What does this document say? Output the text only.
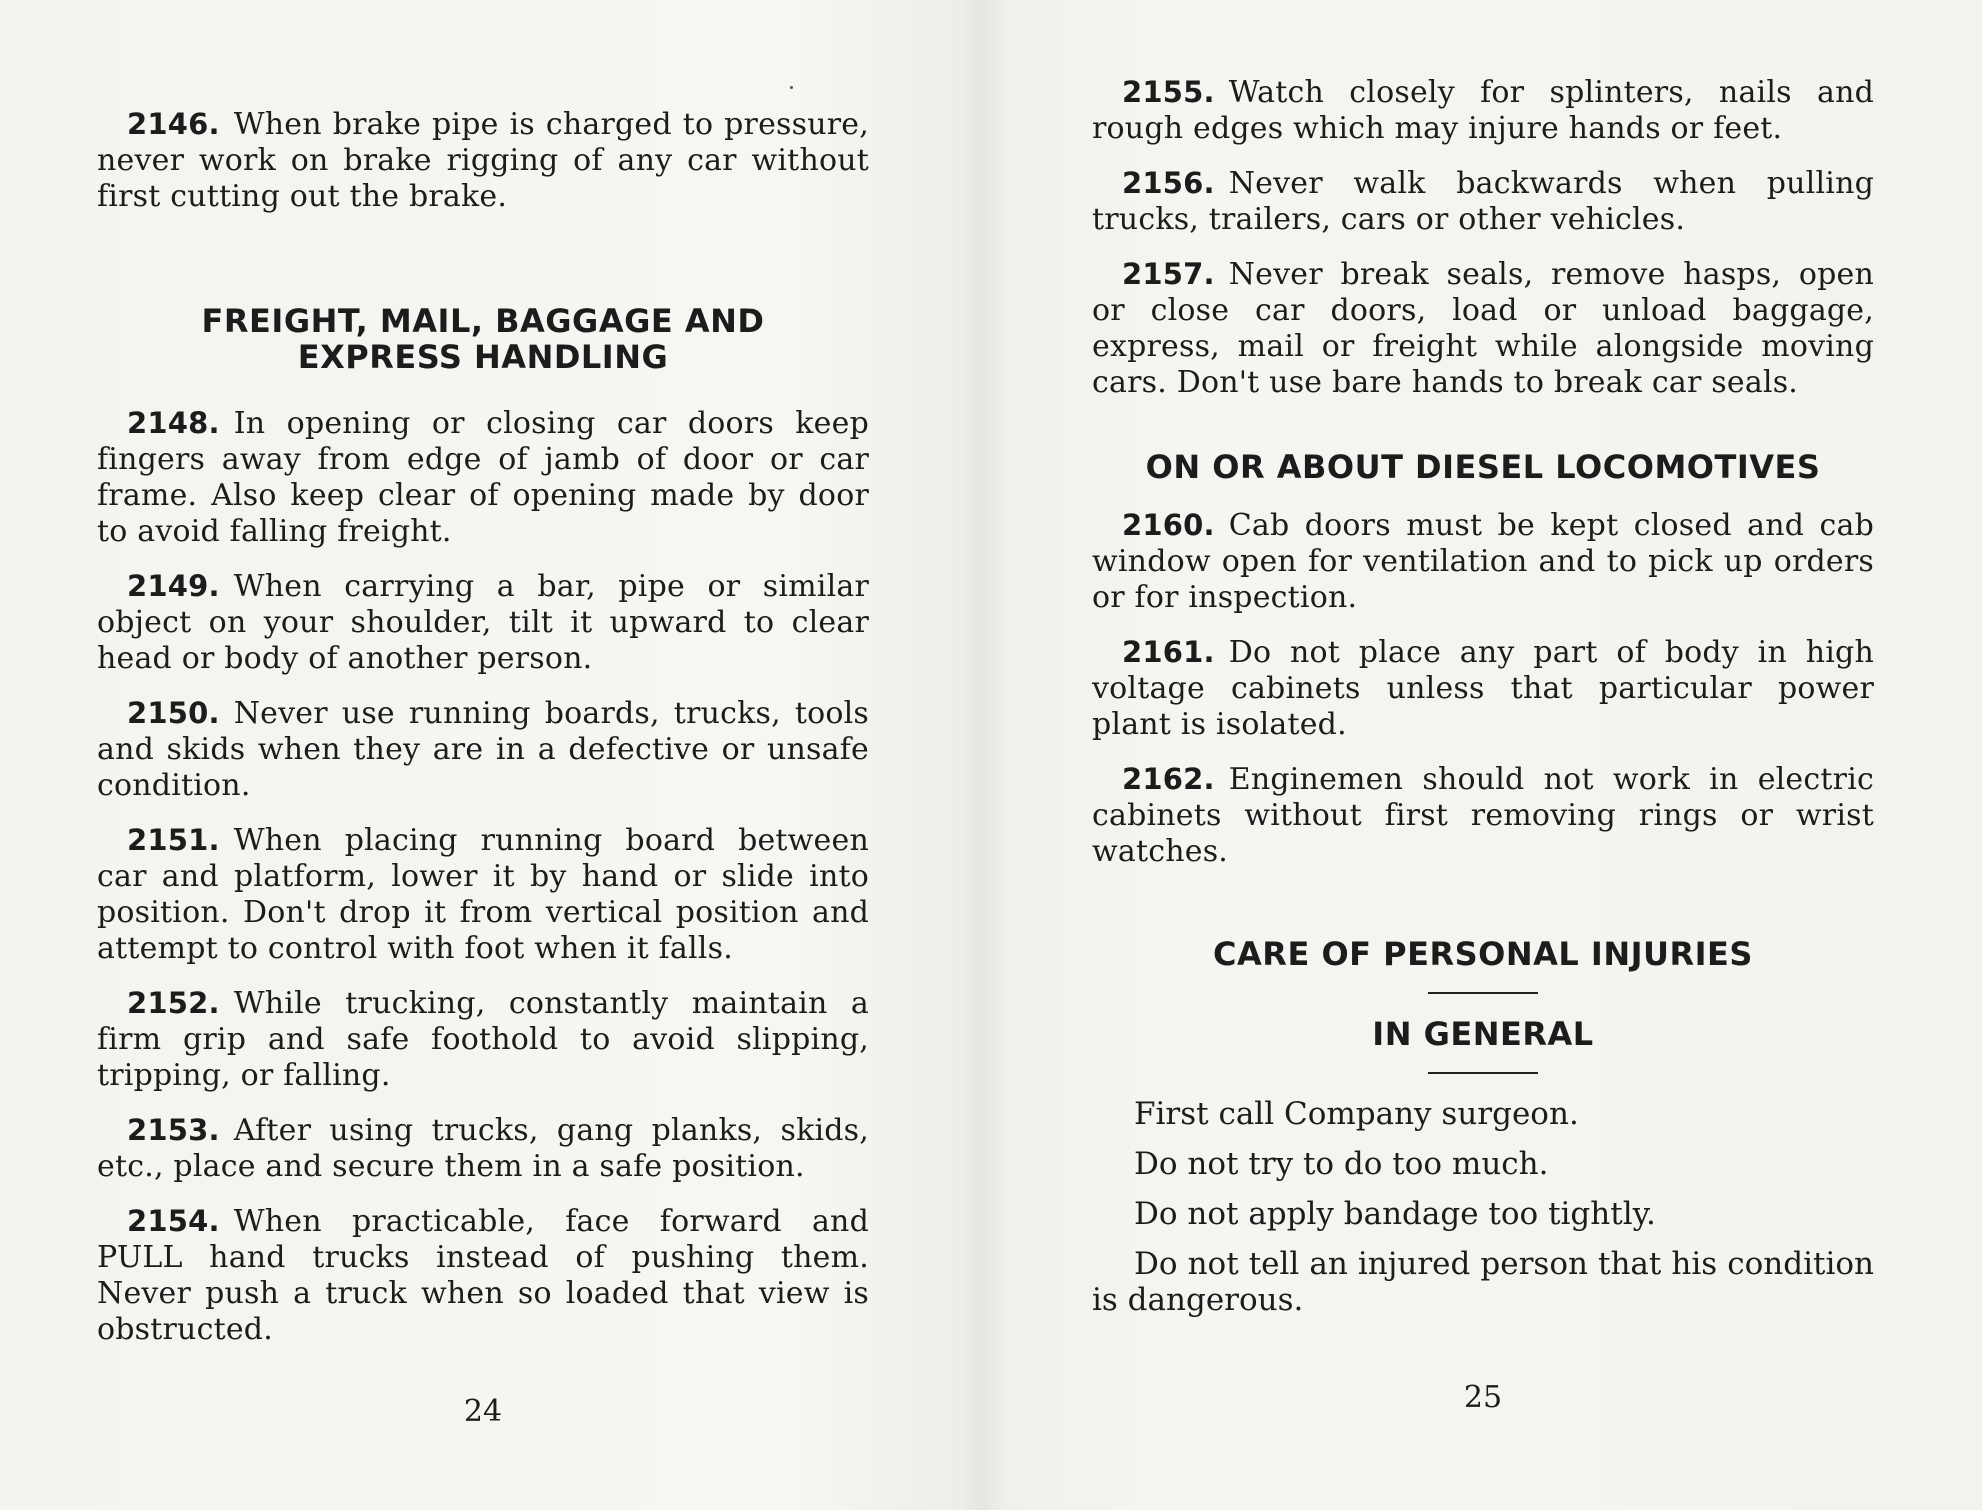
2146. When brake pipe is charged to pressure, never work on brake rigging of any car without first cutting out the brake.

FREIGHT, MAIL, BAGGAGE AND
EXPRESS HANDLING

2148. In opening or closing car doors keep fingers away from edge of jamb of door or car frame. Also keep clear of opening made by door to avoid falling freight.

2149. When carrying a bar, pipe or similar object on your shoulder, tilt it upward to clear head or body of another person.

2150. Never use running boards, trucks, tools and skids when they are in a defective or unsafe condition.

2151. When placing running board between car and platform, lower it by hand or slide into position. Don't drop it from vertical position and attempt to control with foot when it falls.

2152. While trucking, constantly maintain a firm grip and safe foothold to avoid slipping, tripping, or falling.

2153. After using trucks, gang planks, skids, etc., place and secure them in a safe position.

2154. When practicable, face forward and PULL hand trucks instead of pushing them. Never push a truck when so loaded that view is obstructed.

24

2155. Watch closely for splinters, nails and rough edges which may injure hands or feet.

2156. Never walk backwards when pulling trucks, trailers, cars or other vehicles.

2157. Never break seals, remove hasps, open or close car doors, load or unload baggage, express, mail or freight while alongside moving cars. Don't use bare hands to break car seals.

ON OR ABOUT DIESEL LOCOMOTIVES

2160. Cab doors must be kept closed and cab window open for ventilation and to pick up orders or for inspection.

2161. Do not place any part of body in high voltage cabinets unless that particular power plant is isolated.

2162. Enginemen should not work in electric cabinets without first removing rings or wrist watches.

CARE OF PERSONAL INJURIES
IN GENERAL

First call Company surgeon.

Do not try to do too much.

Do not apply bandage too tightly.

Do not tell an injured person that his condition is dangerous.

25
